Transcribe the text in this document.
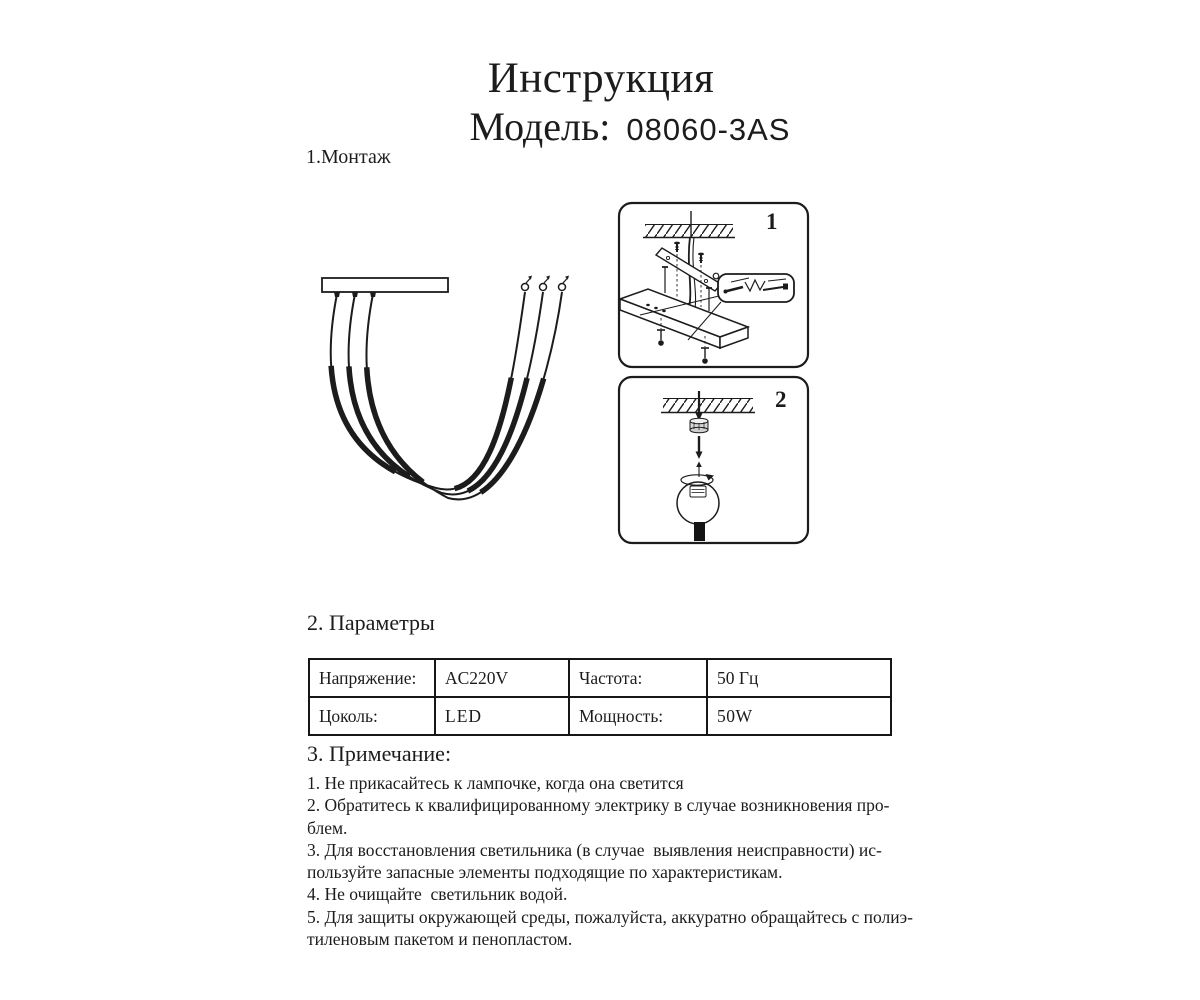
Инструкция
Модель: 08060-3AS
1.Монтаж
1
2
2. Параметры
Напряжение:	AC220V	Частота:	50 Гц
Цоколь:	LED	Мощность:	50W
3. Примечание:
1. Не прикасайтесь к лампочке, когда она светится
2. Обратитесь к квалифицированному электрику в случае возникновения про-
блем.
3. Для восстановления светильника (в случае  выявления неисправности) ис-
пользуйте запасные элементы подходящие по характеристикам.
4. Не очищайте  светильник водой.
5. Для защиты окружающей среды, пожалуйста, аккуратно обращайтесь с полиэ-
тиленовым пакетом и пенопластом.
